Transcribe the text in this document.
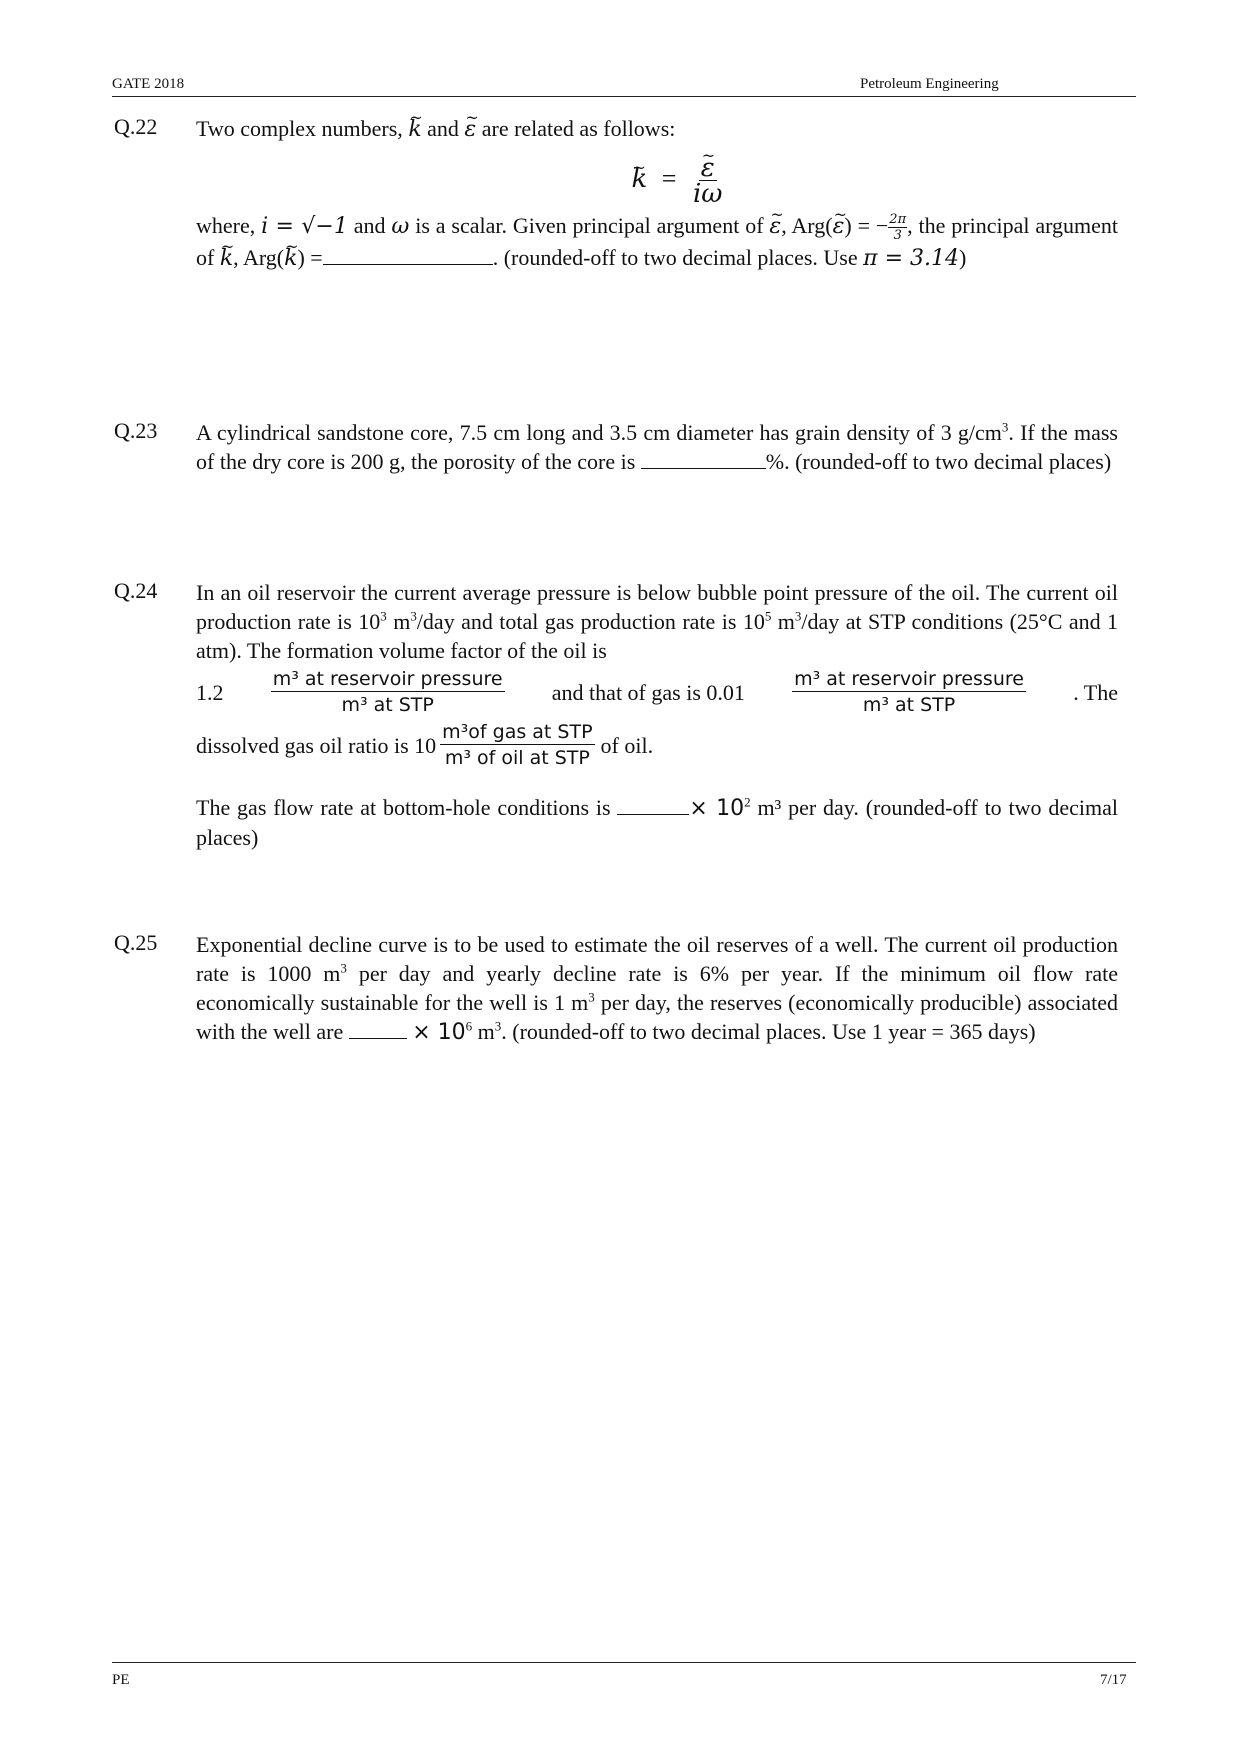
GATE 2018	Petroleum Engineering
Q.22 Two complex numbers, ~ k and ~ ε are related as follows:

~ k = ~ $\frac{\varepsilon}{i\omega}$

where, i = √−1 and ω is a scalar. Given principal argument of ~ ε, Arg(~ ε) = − $\frac{2\pi}{3}$ , the principal argument of ~ k, Arg(~ k) =	. (rounded-off to two decimal places. Use π = 3.14)

Q.23 A cylindrical sandstone core, 7.5 cm long and 3.5 cm diameter has grain density of 3 $g/cm^3$. If the mass of the dry core is 200 g, the porosity of the core is	%. (rounded-off to two decimal places)

Q.24 In an oil reservoir the current average pressure is below bubble point pressure of the oil. The current oil production rate is $10^3$ $m^3$/day and total gas production rate is $10^5$ $m^3$/day at STP conditions (25°C and 1 atm). The formation volume factor of the oil is

$1.2 \frac{\text{m³ at reservoir pressure}}{\text{m³ at STP}}$ and that of gas is $0.01 \frac{\text{m³ at reservoir pressure}}{\text{m³ at STP}}$ . The
dissolved gas oil ratio is $10 \frac{\text{m³of gas at STP}}{\text{m³ of oil at STP}}$ of oil.

The gas flow rate at bottom-hole conditions is	× $10^2$ m³ per day. (rounded-off to two decimal places)

Q.25 Exponential decline curve is to be used to estimate the oil reserves of a well. The current oil production rate is 1000 $m^3$ per day and yearly decline rate is 6% per year. If the minimum oil flow rate economically sustainable for the well is 1 $m^3$ per day, the reserves (economically producible) associated with the well are	× $10^6$ $m^3$. (rounded-off to two decimal places. Use 1 year = 365 days)

PE	7/17
